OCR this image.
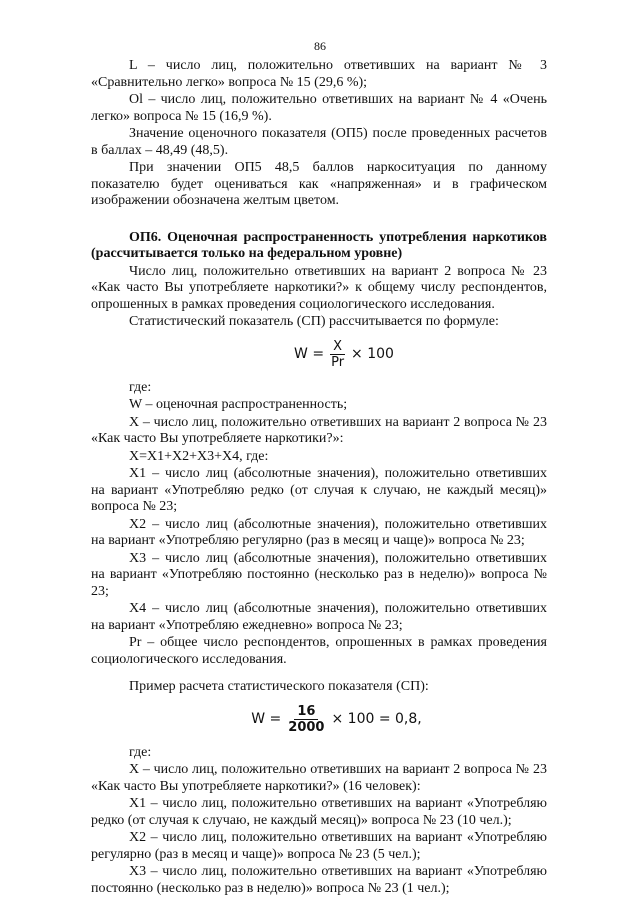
86

L – число лиц, положительно ответивших на вариант № 3 «Сравнительно легко» вопроса № 15 (29,6 %);

Ol – число лиц, положительно ответивших на вариант № 4 «Очень легко» вопроса № 15 (16,9 %).

Значение оценочного показателя (ОП5) после проведенных расчетов в баллах – 48,49 (48,5).

При значении ОП5 48,5 баллов наркоситуация по данному показателю будет оцениваться как «напряженная» и в графическом изображении обозначена желтым цветом.

ОП6. Оценочная распространенность употребления наркотиков (рассчитывается только на федеральном уровне)

Число лиц, положительно ответивших на вариант 2 вопроса № 23 «Как часто Вы употребляете наркотики?» к общему числу респондентов, опрошенных в рамках проведения социологического исследования.

Статистический показатель (СП) рассчитывается по формуле:

$W = \frac{X}{Pr} \times 100$

где:

W – оценочная распространенность;

X – число лиц, положительно ответивших на вариант 2 вопроса № 23 «Как часто Вы употребляете наркотики?»:

X=X1+X2+X3+X4, где:

X1 – число лиц (абсолютные значения), положительно ответивших на вариант «Употребляю редко (от случая к случаю, не каждый месяц)» вопроса № 23;

X2 – число лиц (абсолютные значения), положительно ответивших на вариант «Употребляю регулярно (раз в месяц и чаще)» вопроса № 23;

X3 – число лиц (абсолютные значения), положительно ответивших на вариант «Употребляю постоянно (несколько раз в неделю)» вопроса № 23;

X4 – число лиц (абсолютные значения), положительно ответивших на вариант «Употребляю ежедневно» вопроса № 23;

Pr – общее число респондентов, опрошенных в рамках проведения социологического исследования.

Пример расчета статистического показателя (СП):

$W = \frac{16}{2000} \times 100 = 0,8$,

где:

X – число лиц, положительно ответивших на вариант 2 вопроса № 23 «Как часто Вы употребляете наркотики?» (16 человек):

X1 – число лиц, положительно ответивших на вариант «Употребляю редко (от случая к случаю, не каждый месяц)» вопроса № 23 (10 чел.);

X2 – число лиц, положительно ответивших на вариант «Употребляю регулярно (раз в месяц и чаще)» вопроса № 23 (5 чел.);

X3 – число лиц, положительно ответивших на вариант «Употребляю постоянно (несколько раз в неделю)» вопроса № 23 (1 чел.);
